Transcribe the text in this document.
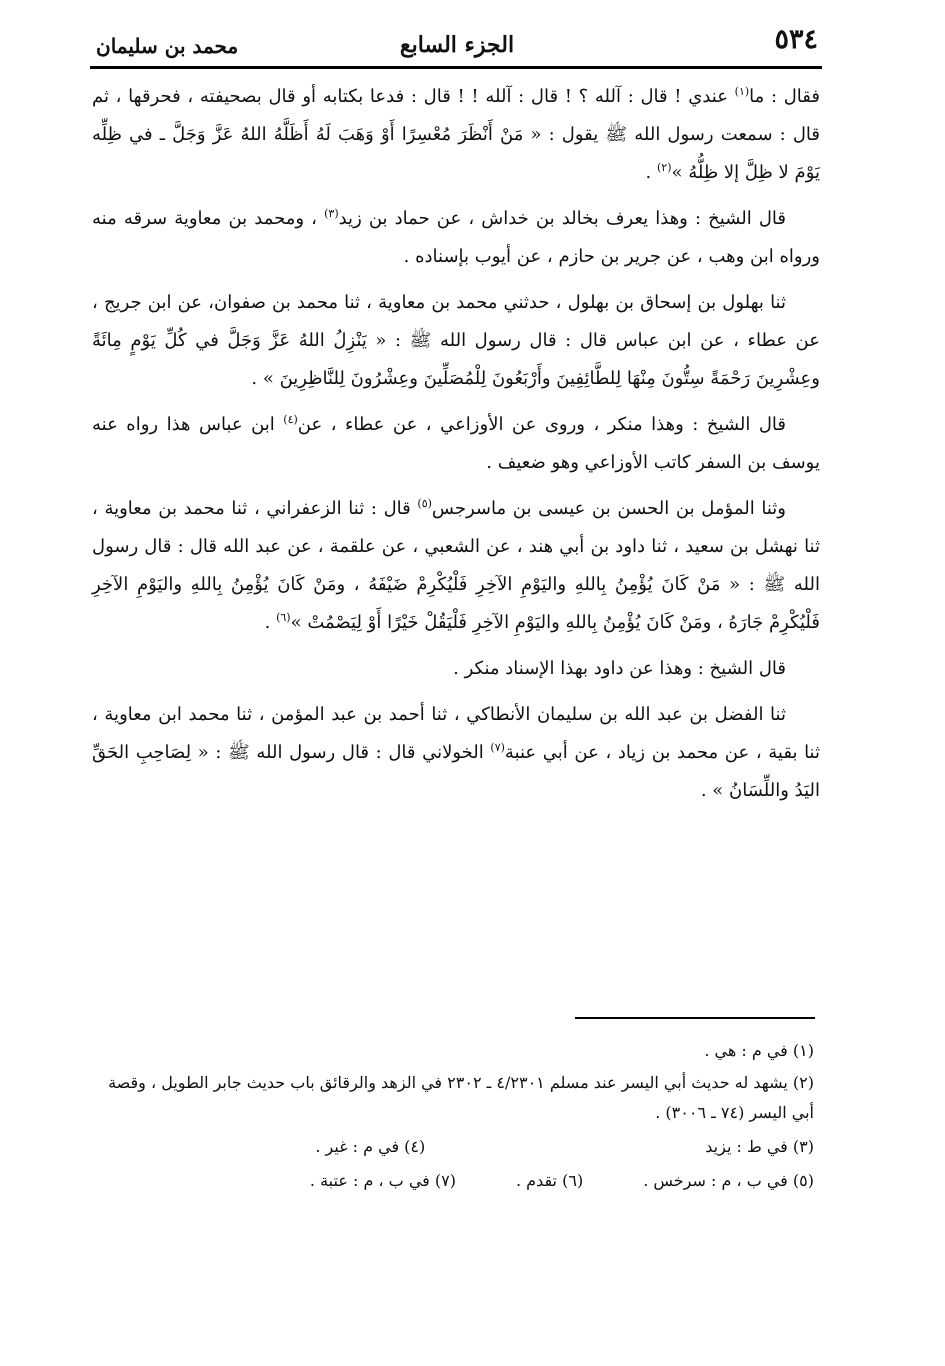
٥٣٤
الجزء السابع
محمد بن سليمان

فقال : ما$^{(١)}$ عندي ! قال : آلله ؟ ! قال : آلله ! ! قال : فدعا بكتابه أو قال بصحيفته ، فحرقها ، ثم قال : سمعت رسول الله ﷺ يقول : « مَنْ أَنْظَرَ مُعْسِرًا أَوْ وَهَبَ لَهُ أَظَلَّهُ اللهُ عَزَّ وَجَلَّ ـ في ظِلِّه يَوْمَ لا ظِلَّ إلا ظِلُّهُ »$^{(٢)}$ .

قال الشيخ : وهذا يعرف بخالد بن خداش ، عن حماد بن زيد$^{(٣)}$ ، ومحمد بن معاوية سرقه منه ورواه ابن وهب ، عن جرير بن حازم ، عن أيوب بإسناده .

ثنا بهلول بن إسحاق بن بهلول ، حدثني محمد بن معاوية ، ثنا محمد بن صفوان، عن ابن جريج ، عن عطاء ، عن ابن عباس قال : قال رسول الله ﷺ : « يَنْزِلُ اللهُ عَزَّ وَجَلَّ في كُلِّ يَوْمٍ مِائَةً وعِشْرِينَ رَحْمَةً سِتُّونَ مِنْهَا لِلطَّائِفِينَ وأَرْبَعُونَ لِلْمُصَلِّينَ وعِشْرُونَ لِلنَّاظِرِينَ » .

قال الشيخ : وهذا منكر ، وروى عن الأوزاعي ، عن عطاء ، عن$^{(٤)}$ ابن عباس هذا رواه عنه يوسف بن السفر كاتب الأوزاعي وهو ضعيف .

وثنا المؤمل بن الحسن بن عيسى بن ماسرجس$^{(٥)}$ قال : ثنا الزعفراني ، ثنا محمد بن معاوية ، ثنا نهشل بن سعيد ، ثنا داود بن أبي هند ، عن الشعبي ، عن علقمة ، عن عبد الله قال : قال رسول الله ﷺ : « مَنْ كَانَ يُؤْمِنُ بِاللهِ واليَوْمِ الآخِرِ فَلْيُكْرِمْ ضَيْفَهُ ، ومَنْ كَانَ يُؤْمِنُ بِاللهِ واليَوْمِ الآخِرِ فَلْيُكْرِمْ جَارَهُ ، ومَنْ كَانَ يُؤْمِنُ بِاللهِ واليَوْمِ الآخِرِ فَلْيَقُلْ خَيْرًا أَوْ لِيَصْمُتْ »$^{(٦)}$ .

قال الشيخ : وهذا عن داود بهذا الإسناد منكر .

ثنا الفضل بن عبد الله بن سليمان الأنطاكي ، ثنا أحمد بن عبد المؤمن ، ثنا محمد ابن معاوية ، ثنا بقية ، عن محمد بن زياد ، عن أبي عنبة$^{(٧)}$ الخولاني قال : قال رسول الله ﷺ : « لِصَاحِبِ الحَقِّ اليَدُ واللِّسَانُ » .

(١) في م : هي .
(٢) يشهد له حديث أبي اليسر عند مسلم ٤/٢٣٠١ ـ ٢٣٠٢ في الزهد والرقائق باب حديث جابر الطويل ، وقصة أبي اليسر (٧٤ ـ ٣٠٠٦) .
(٣) في ط : يزيد
(٤) في م : غير .
(٥) في ب ، م : سرخس .
(٦) تقدم .
(٧) في ب ، م : عتبة .
